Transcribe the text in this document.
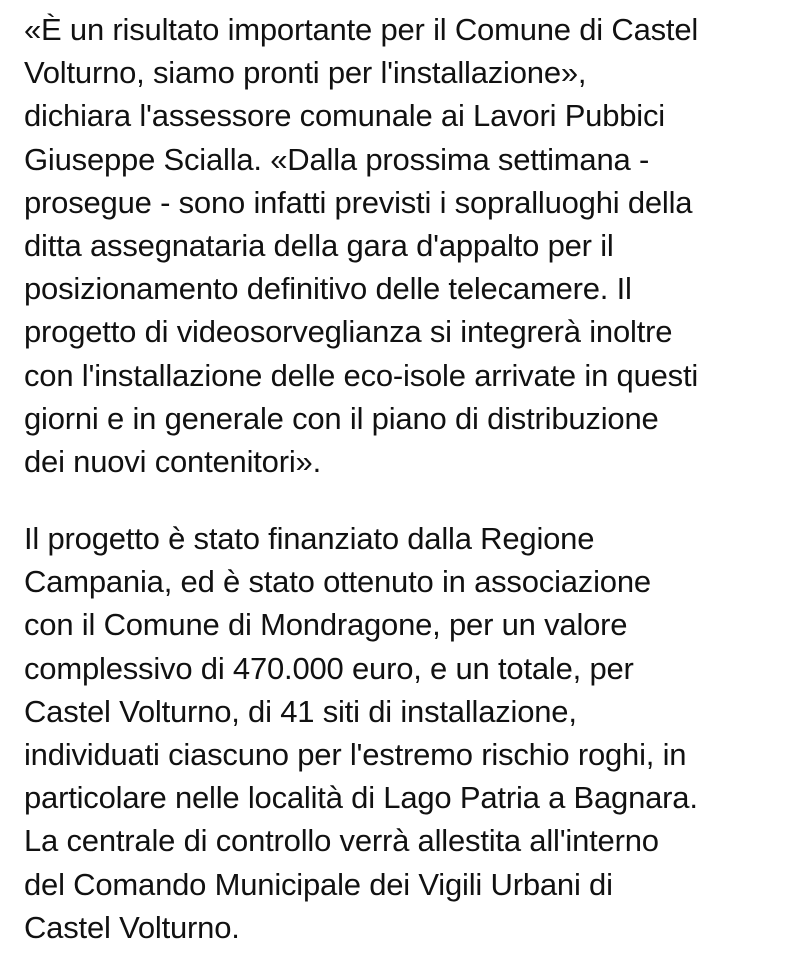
«È un risultato importante per il Comune di Castel
Volturno, siamo pronti per l'installazione»,
dichiara l'assessore comunale ai Lavori Pubbici
Giuseppe Scialla. «Dalla prossima settimana -
prosegue - sono infatti previsti i sopralluoghi della
ditta assegnataria della gara d'appalto per il
posizionamento definitivo delle telecamere. Il
progetto di videosorveglianza si integrerà inoltre
con l'installazione delle eco-isole arrivate in questi
giorni e in generale con il piano di distribuzione
dei nuovi contenitori».
Il progetto è stato finanziato dalla Regione
Campania, ed è stato ottenuto in associazione
con il Comune di Mondragone, per un valore
complessivo di 470.000 euro, e un totale, per
Castel Volturno, di 41 siti di installazione,
individuati ciascuno per l'estremo rischio roghi, in
particolare nelle località di Lago Patria a Bagnara.
La centrale di controllo verrà allestita all'interno
del Comando Municipale dei Vigili Urbani di
Castel Volturno.
